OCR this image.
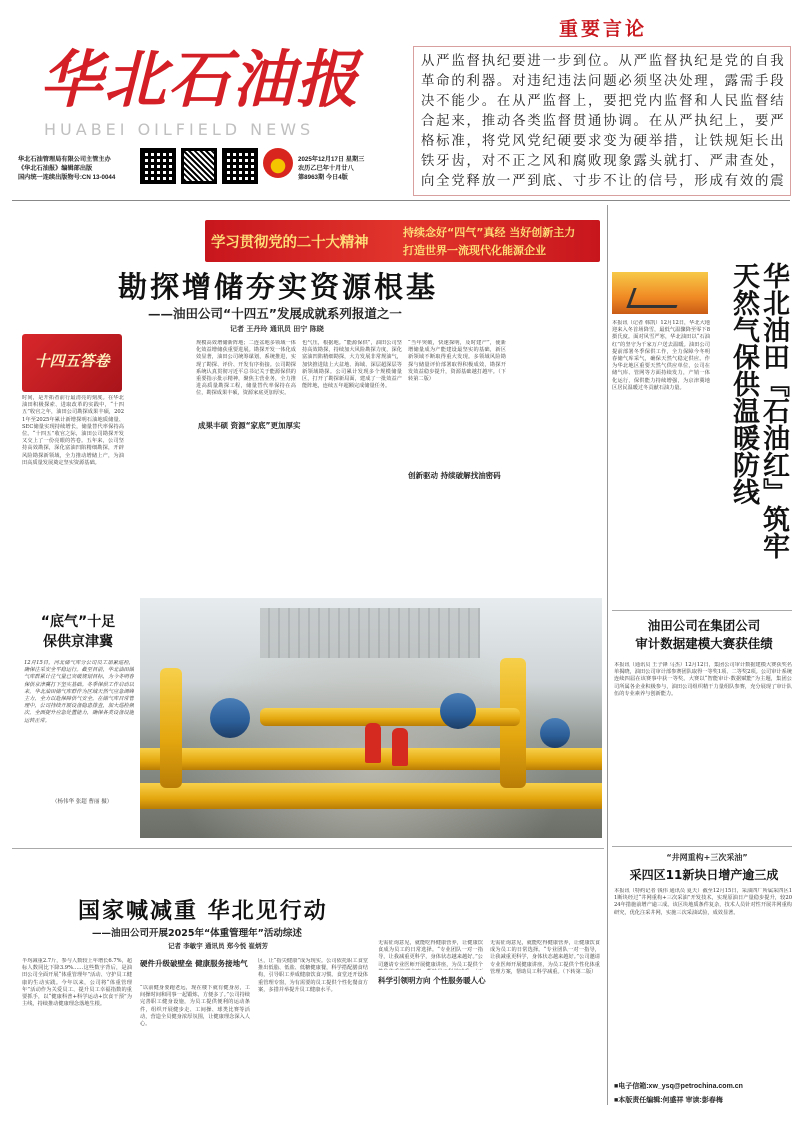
华北石油报
HUABEI OILFIELD NEWS
华北石油管理局有限公司主管主办
《华北石油报》编辑部出版
国内统一连续出版物号:CN 13-0044
2025年12月17日 星期三
农历乙巳年十月廿八
第8963期 今日4版
重要言论
从严监督执纪要进一步到位。从严监督执纪是党的自我革命的利器。对违纪违法问题必须坚决处理，露需手段决不能少。在从严监督上，要把党内监督和人民监督结合起来，推动各类监督贯通协调。在从严执纪上，要严格标准，将党风党纪硬要求变为硬举措，让铁规矩长出铁牙齿，对不正之风和腐败现象露头就打、严肃查处，向全党释放一严到底、寸步不让的信号，形成有效的震
学习贯彻党的二十大精神
持续念好“四气”真经 当好创新主力
打造世界一流现代化能源企业
勘探增储夯实资源根基
——油田公司“十四五”发展成就系列报道之一
记者 王丹玲 通讯员 田宁 陈晓
十四五答卷
时间，是开拓者前行最清亮的刻度。在华北油田积极探索、进取改革的实践中，“十四五”收官之年，油田公司勘探成果丰硕，2021年至2025年累计新增探明石油地质储量、SEC储量实现持续增长，储量替代率保持高位。“十四五”收官之际，油田公司勘探开发又交上了一份亮眼的答卷。五年来，公司坚持高效勘探，深化富油凹陷精细勘探，开辟风险勘探新领域，全力推动增储上产，为油田高质量发展奠定坚实资源基础。
成果丰硕 资源“家底”更加厚实
规模高效增储新阵地；二连盆地多领域一体化效益增储获重要进展。勘探开发一体化成效显著，油田公司统筹谋划，系统推进，实现了勘探、评价、开发有序衔接。公司勘探系统认真贯彻习近平总书记关于能源保供的重要指示批示精神，聚焦主营业务，全力推进高质量勘探工程，储量替代率保持在高位，勘探成果丰硕，资源家底更加厚实。
也气压，根据地。“能源保供”，油田公司坚持高效勘探，持续加大风险勘探力度，深化富油凹陷精细勘探，大力发展非常规油气，加快推进陆上大盆地、海域、深层超深层等新领域勘探。公司累计发现多个规模储量区，打开了勘探新局面，建成了一批效益产能阵地，连续五年超额完成储量任务。
创新驱动 持续破解找油密码
“当年突破，快速探明，及时建产”，使新增储量成为产能建设最坚实的基础，新区新领域不断取得重大发现。多领域风险勘探与储量评价部署取得积极成效，勘探开发效益稳步提升，资源基础越打越牢。（下转第二版）
华北油田『石油红』筑牢天然气保供温暖防线
本报讯（记者 韩凯）12月12日，华北大地迎来入冬首场降雪，最低气温骤降至零下8摄氏度。面对风雪严寒，华北油田以“石油红”的坚守为千家万户送去温暖。油田公司提前部署冬季保供工作，全力保障今冬明春储气库采气，确保天然气稳定供应。作为华北地区重要天然气供应单位，公司在储气库、管网等方面持续发力，产销一体化运行，保供能力持续增强，为京津冀地区居民温暖过冬贡献石油力量。
“底气”十足
保供京津冀
12月15日，河北储气库分公司员工加紧巡检，确保注采安全平稳运行。截至目前，华北油田储气库群累计注气量已突破规划目标，为今冬明春保供京津冀打下坚实基础。冬季保供工作启动以来，华北油田储气库群作为区域天然气应急调峰主力，全力以赴保障供气安全。在储气库日常管理中，公司持续开展设备隐患排查，加大巡检频次，全面提升应急处置能力，确保各类设备设施运转正常。
（杨伟华 张超 曹丽 摄）
油田公司在集团公司
审计数据建模大赛获佳绩
本报讯（通讯员 王子锋 马杰）12月12日，集团公司审计数据建模大赛获奖名单揭晓，油田公司审计部参赛团队取得一等奖1项、二等奖2项。公司审计系统连续四届在该赛事中获一等奖。大赛以“智能审计·数据赋能”为主题，集团公司所属各企业积极参与，油田公司组织精干力量组队参赛，充分展现了审计队伍的专业素养与创新能力。
“井网重构+三次采油”
采四区11新块日增产逾三成
本报讯（特约记者 钱伟 通讯员 夏天）截至12月15日，采油四厂所属采四区11断块经过“井网重构+三次采油”开发技术，实现原油日产量稳步提升，较2024年措施前增产逾三成。该区块地质条件复杂，技术人员针对性开展井网重构研究，优化注采井网，实施三次采油试验，成效显著。
国家喊减重 华北见行动
——油田公司开展2025年“体重管理年”活动综述
记者 李敏宇 通讯员 郑今悦 崔炳芳
半均减重2.7斤，参与人数较上年增长6.7%，超标人数同比下降3.9%……这些数字背后，是油田公司全面开展“体重管理年”活动、守护员工健康的生动实践。今年以来，公司将“体重管理年”活动作为关爱员工、提升员工幸福指数的重要抓手，以“健康科普+科学运动+饮食干预”为主线，持续推动健康理念落地生根。
硬件升级破壁垒 健康服务接地气
“以前健身要跑老远，现在楼下就有健身房，工间操时间和同事一起锻炼，方便多了。”公司持续完善职工健身设施，为员工提供便利的运动条件，组织开展健步走、工间操、球类比赛等活动，营造全员健身浓厚氛围，让健康理念深入人心。
区，让“指尖健康”成为现实。公司依托职工食堂推出低脂、低盐、低糖健康餐，科学搭配膳食结构，引导职工养成健康饮食习惯。食堂还开设体重管理专窗，为有需要的员工提供个性化餐食方案，多措并举提升员工健康水平。
无需征询意见，就能吃得健康营养，让健康饮食成为员工的日常选择。“专业团队一对一指导，让我减重更科学，身体状态越来越好。”公司邀请专业医师开展健康讲座，为员工提供个
科学引领明方向 个性服务暖人心
无需征询意见，就能吃得健康营养，让健康饮食成为员工的日常选择。“专业团队一对一指导，让我减重更科学，身体状态越来越好。”公司邀请专业医师开展健康讲座，为员工提供个性化体重管理方案，帮助员工科学减重。（下转第二版）
■电子信箱:xw_ysq@petrochina.com.cn
■本版责任编辑:何盛祥 审读:彭春梅
